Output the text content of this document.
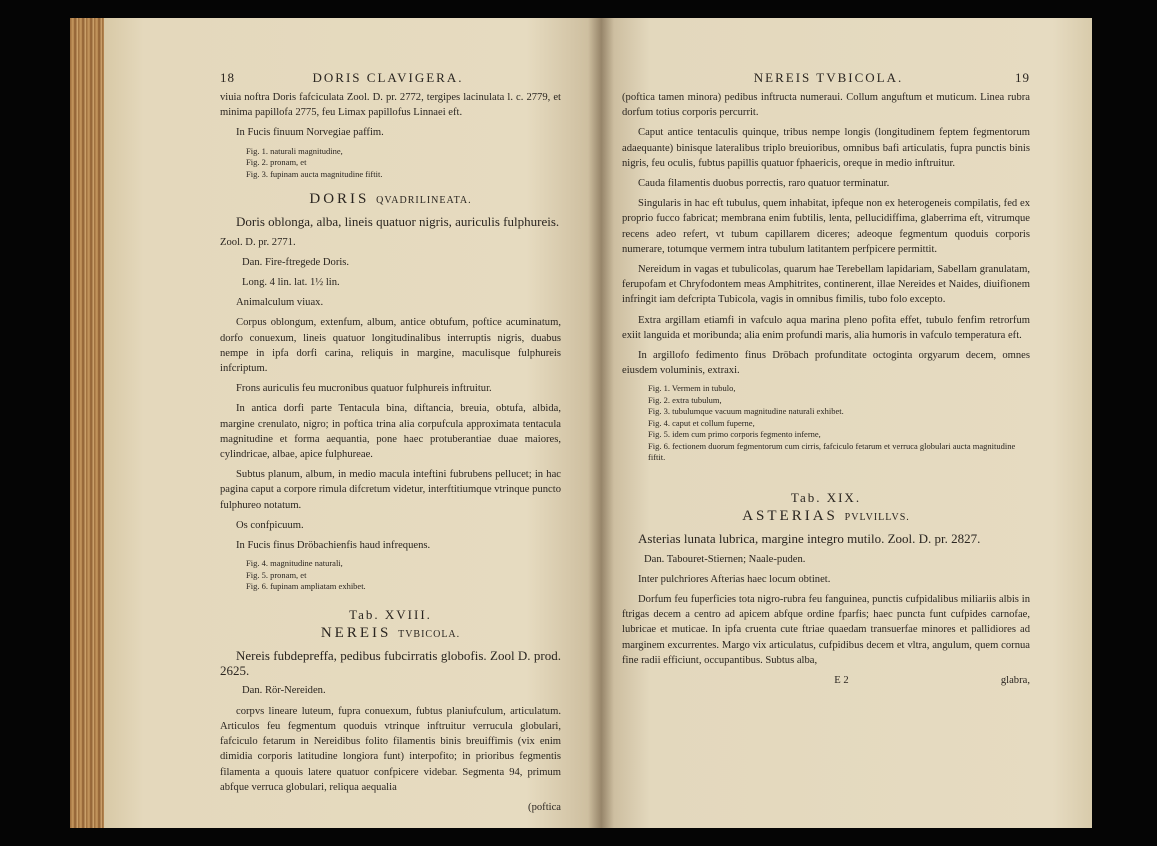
18	DORIS CLAVIGERA.

viuia noftra Doris fafciculata Zool. D. pr. 2772, tergipes lacinulata l. c. 2779, et minima papillofa 2775, feu Limax papillofus Linnaei eft.

In Fucis finuum Norvegiae paffim.

Fig. 1. naturali magnitudine,
Fig. 2. pronam, et
Fig. 3. fupinam aucta magnitudine fiftit.
DORIS QVADRILINEATA.

Doris oblonga, alba, lineis quatuor nigris, auriculis fulphureis.

Zool. D. pr. 2771.

Dan. Fire-ftregede Doris.

Long. 4 lin. lat. 1½ lin.

Animalculum viuax.

Corpus oblongum, extenfum, album, antice obtufum, poftice acuminatum, dorfo conuexum, lineis quatuor longitudinalibus interruptis nigris, duabus nempe in ipfa dorfi carina, reliquis in margine, maculisque fulphureis infcriptum.

Frons auriculis feu mucronibus quatuor fulphureis inftruitur.

In antica dorfi parte Tentacula bina, diftancia, breuia, obtufa, albida, margine crenulato, nigro; in poftica trina alia corpufcula approximata tentacula magnitudine et forma aequantia, pone haec protuberantiae duae maiores, cylindricae, albae, apice fulphureae.

Subtus planum, album, in medio macula inteftini fubrubens pellucet; in hac pagina caput a corpore rimula difcretum videtur, interftitiumque vtrinque puncto fulphureo notatum.

Os confpicuum.

In Fucis finus Dröbachienfis haud infrequens.

Fig. 4. magnitudine naturali,
Fig. 5. pronam, et
Fig. 6. fupinam ampliatam exhibet.
Tab. XVIII.
NEREIS TVBICOLA.

Nereis fubdepreffa, pedibus fubcirratis globofis. Zool D. prod. 2625.

Dan. Rör-Nereiden.

corpvs lineare luteum, fupra conuexum, fubtus planiufculum, articulatum. Articulos feu fegmentum quoduis vtrinque inftruitur verrucula globulari, fafciculo fetarum in Nereidibus folito filamentis binis breuiffimis (vix enim dimidia corporis latitudine longiora funt) interpofito; in prioribus fegmentis filamenta a quouis latere quatuor confpicere videbar. Segmenta 94, primum abfque verruca globulari, reliqua aequalia

(poftica
NEREIS TVBICOLA.	19

(poftica tamen minora) pedibus inftructa numeraui. Collum anguftum et muticum. Linea rubra dorfum totius corporis percurrit.

Caput antice tentaculis quinque, tribus nempe longis (longitudinem feptem fegmentorum adaequante) binisque lateralibus triplo breuioribus, omnibus bafi articulatis, fupra punctis binis nigris, feu oculis, fubtus papillis quatuor fphaericis, oreque in medio inftruitur.

Cauda filamentis duobus porrectis, raro quatuor terminatur.

Singularis in hac eft tubulus, quem inhabitat, ipfeque non ex heterogeneis compilatis, fed ex proprio fucco fabricat; membrana enim fubtilis, lenta, pellucidiffima, glaberrima eft, vitrumque recens adeo refert, vt tubum capillarem diceres; adeoque fegmentum quoduis corporis numerare, totumque vermem intra tubulum latitantem perfpicere permittit.

Nereidum in vagas et tubulicolas, quarum hae Terebellam lapidariam, Sabellam granulatam, ferupofam et Chryfodontem meas Amphitrites, continerent, illae Nereides et Naides, diuifionem infringit iam defcripta Tubicola, vagis in omnibus fimilis, tubo folo excepto.

Extra argillam etiamfi in vafculo aqua marina pleno pofita effet, tubulo fenfim retrorfum exiit languida et moribunda; alia enim profundi maris, alia humoris in vafculo temperatura eft.

In argillofo fedimento finus Dröbach profunditate octoginta orgyarum decem, omnes eiusdem voluminis, extraxi.

Fig. 1. Vermem in tubulo,
Fig. 2. extra tubulum,
Fig. 3. tubulumque vacuum magnitudine naturali exhibet.
Fig. 4. caput et collum fuperne,
Fig. 5. idem cum primo corporis fegmento inferne,
Fig. 6. fectionem duorum fegmentorum cum cirris, fafciculo fetarum et verruca globulari aucta magnitudine fiftit.
Tab. XIX.
ASTERIAS PVLVILLVS.

Asterias lunata lubrica, margine integro mutilo. Zool. D. pr. 2827.

Dan. Tabouret-Stiernen; Naale-puden.

Inter pulchriores Afterias haec locum obtinet.

Dorfum feu fuperficies tota nigro-rubra feu fanguinea, punctis cufpidalibus miliariis albis in ftrigas decem a centro ad apicem abfque ordine fparfis; haec puncta funt cufpides carnofae, lubricae et muticae. In ipfa cruenta cute ftriae quaedam transuerfae minores et pallidiores ad marginem excurrentes. Margo vix articulatus, cufpidibus decem et vltra, angulum, quem cornua fine radii efficiunt, occupantibus. Subtus alba,

E 2	glabra,
